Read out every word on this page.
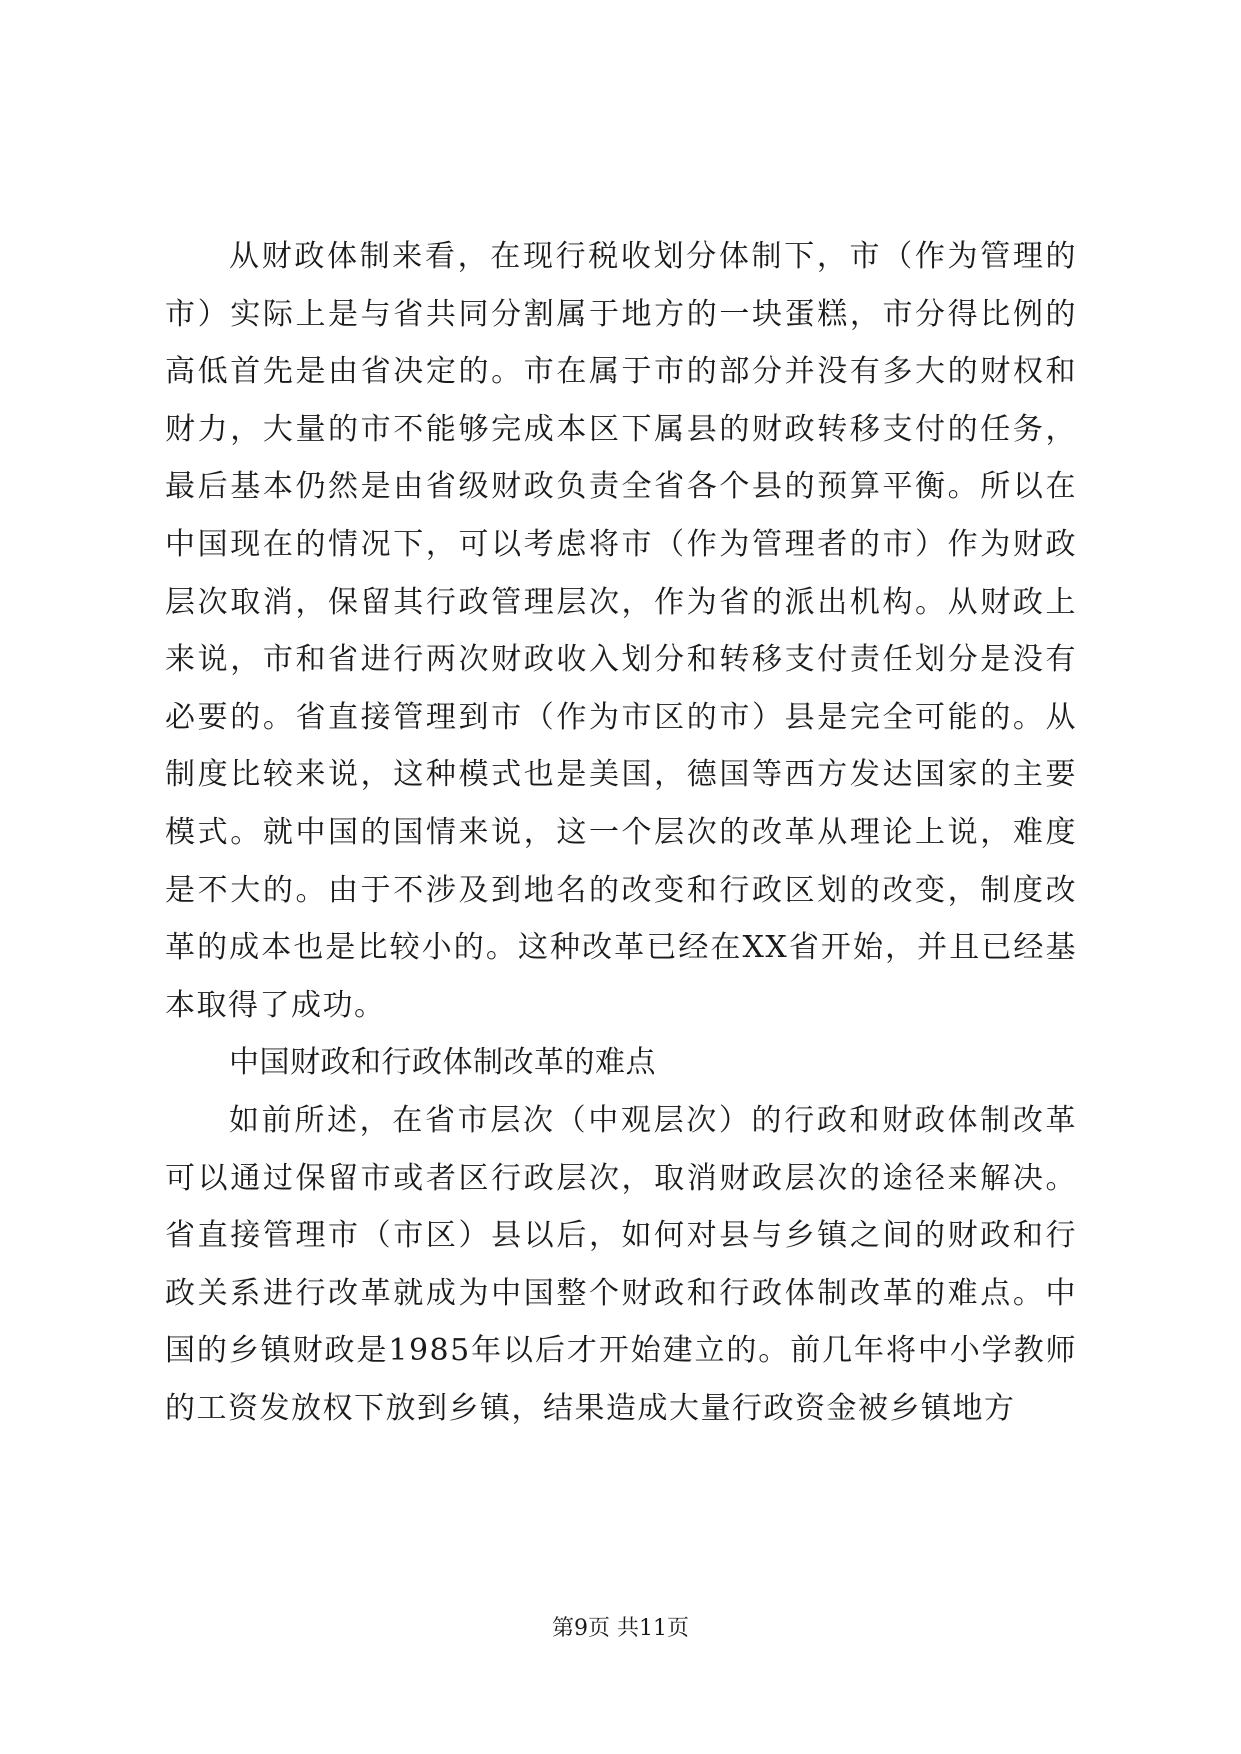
从财政体制来看，在现行税收划分体制下，市（作为管理的市）实际上是与省共同分割属于地方的一块蛋糕，市分得比例的高低首先是由省决定的。市在属于市的部分并没有多大的财权和财力，大量的市不能够完成本区下属县的财政转移支付的任务，最后基本仍然是由省级财政负责全省各个县的预算平衡。所以在中国现在的情况下，可以考虑将市（作为管理者的市）作为财政层次取消，保留其行政管理层次，作为省的派出机构。从财政上来说，市和省进行两次财政收入划分和转移支付责任划分是没有必要的。省直接管理到市（作为市区的市）县是完全可能的。从制度比较来说，这种模式也是美国，德国等西方发达国家的主要模式。就中国的国情来说，这一个层次的改革从理论上说，难度是不大的。由于不涉及到地名的改变和行政区划的改变，制度改革的成本也是比较小的。这种改革已经在XX省开始，并且已经基本取得了成功。

中国财政和行政体制改革的难点

如前所述，在省市层次（中观层次）的行政和财政体制改革可以通过保留市或者区行政层次，取消财政层次的途径来解决。省直接管理市（市区）县以后，如何对县与乡镇之间的财政和行政关系进行改革就成为中国整个财政和行政体制改革的难点。中国的乡镇财政是1985年以后才开始建立的。前几年将中小学教师的工资发放权下放到乡镇，结果造成大量行政资金被乡镇地方

第9页 共11页
